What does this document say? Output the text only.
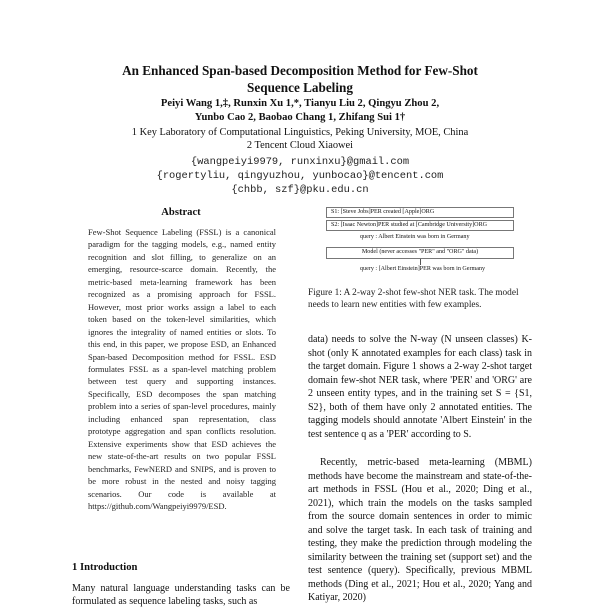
An Enhanced Span-based Decomposition Method for Few-Shot
Sequence Labeling
Peiyi Wang 1,‡, Runxin Xu 1,*, Tianyu Liu 2, Qingyu Zhou 2,
Yunbo Cao 2, Baobao Chang 1, Zhifang Sui 1†
1 Key Laboratory of Computational Linguistics, Peking University, MOE, China
2 Tencent Cloud Xiaowei
{wangpeiyi9979, runxinxu}@gmail.com
{rogertyliu, qingyuzhou, yunbocao}@tencent.com
{chbb, szf}@pku.edu.cn
Abstract

Few-Shot Sequence Labeling (FSSL) is a canonical paradigm for the tagging models, e.g., named entity recognition and slot filling, to generalize on an emerging, resource-scarce domain. Recently, the metric-based meta-learning framework has been recognized as a promising approach for FSSL. However, most prior works assign a label to each token based on the token-level similarities, which ignores the integrality of named entities or slots. To this end, in this paper, we propose ESD, an Enhanced Span-based Decomposition method for FSSL. ESD formulates FSSL as a span-level matching problem between test query and supporting instances. Specifically, ESD decomposes the span matching problem into a series of span-level procedures, mainly including enhanced span representation, class prototype aggregation and span conflicts resolution. Extensive experiments show that ESD achieves the new state-of-the-art results on two popular FSSL benchmarks, FewNERD and SNIPS, and is proven to be more robust in the nested and noisy tagging scenarios. Our code is available at https://github.com/Wangpeiyi9979/ESD.

1 Introduction
Many natural language understanding tasks can be formulated as sequence labeling tasks, such as
S1: [Steve Jobs]PER created [Apple]ORG
S2: [Isaac Newton]PER studied at [Cambridge University]ORG
query : Albert Einstein was born in Germany
Model (never accesses "PER" and "ORG" data)
query : [Albert Einstein]PER was born in Germany
Figure 1: A 2-way 2-shot few-shot NER task. The model needs to learn new entities with few examples.

data) needs to solve the N-way (N unseen classes) K-shot (only K annotated examples for each class) task in the target domain. Figure 1 shows a 2-way 2-shot target domain few-shot NER task, where 'PER' and 'ORG' are 2 unseen entity types, and in the training set S = {S1, S2}, both of them have only 2 annotated entities. The tagging models should annotate 'Albert Einstein' in the test sentence q as a 'PER' according to S.

Recently, metric-based meta-learning (MBML) methods have become the mainstream and state-of-the-art methods in FSSL (Hou et al., 2020; Ding et al., 2021), which train the models on the tasks sampled from the source domain sentences in order to mimic and solve the target task. In each task of training and testing, they make the prediction through modeling the similarity between the training set (support set) and the test sentence (query). Specifically, previous MBML methods (Ding et al., 2021; Hou et al., 2020; Yang and Katiyar, 2020)
